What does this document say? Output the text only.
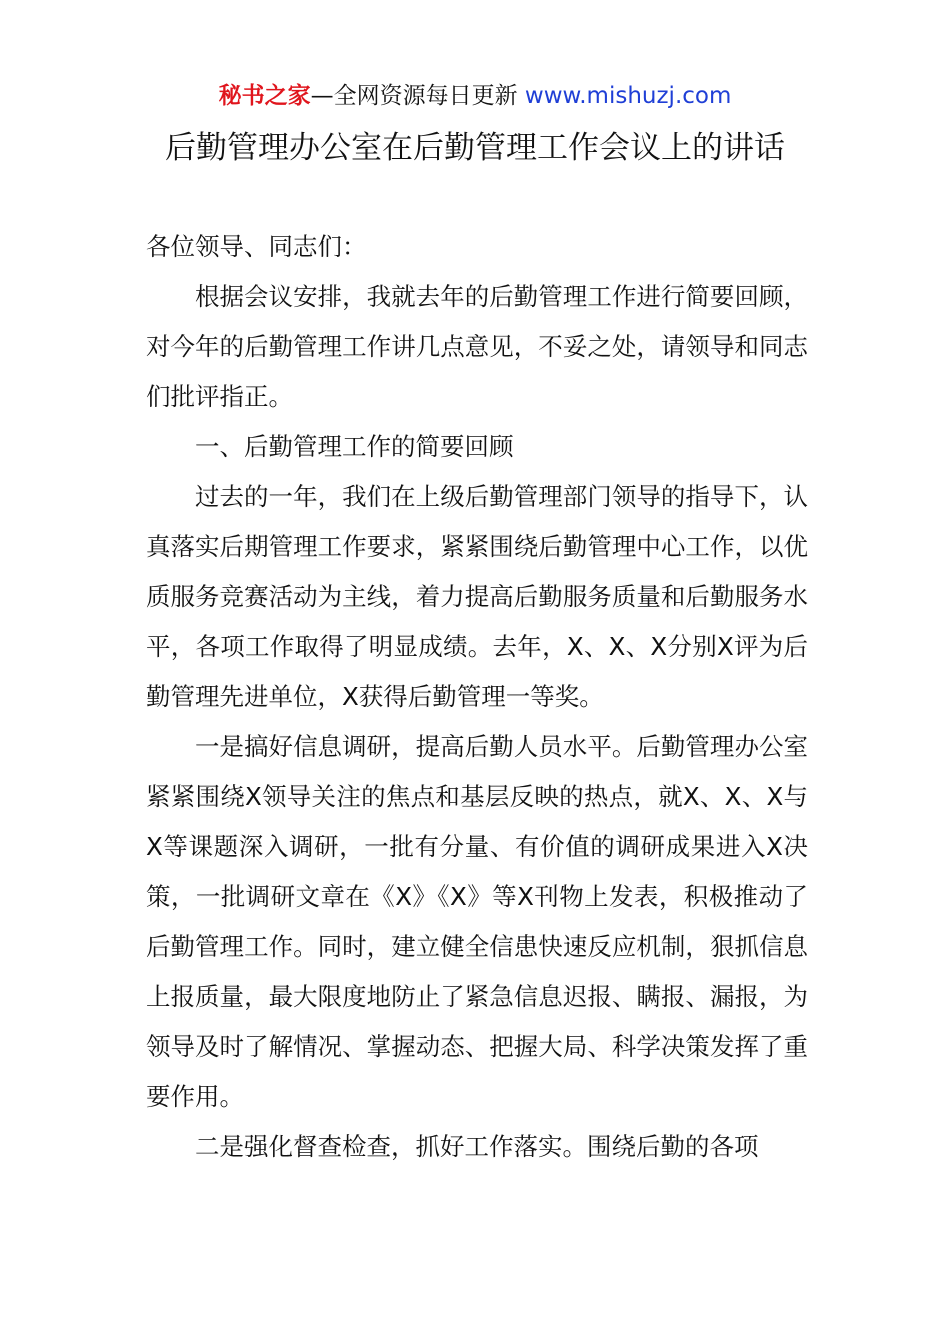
秘书之家—全网资源每日更新 www.mishuzj.com
后勤管理办公室在后勤管理工作会议上的讲话

各位领导、同志们：

根据会议安排，我就去年的后勤管理工作进行简要回顾，对今年的后勤管理工作讲几点意见，不妥之处，请领导和同志们批评指正。

一、后勤管理工作的简要回顾

过去的一年，我们在上级后勤管理部门领导的指导下，认真落实后期管理工作要求，紧紧围绕后勤管理中心工作，以优质服务竞赛活动为主线，着力提高后勤服务质量和后勤服务水平，各项工作取得了明显成绩。去年，X、X、X分别X评为后勤管理先进单位，X获得后勤管理一等奖。

一是搞好信息调研，提高后勤人员水平。后勤管理办公室紧紧围绕X领导关注的焦点和基层反映的热点，就X、X、X与X等课题深入调研，一批有分量、有价值的调研成果进入X决策，一批调研文章在《X》《X》等X刊物上发表，积极推动了后勤管理工作。同时，建立健全信患快速反应机制，狠抓信息上报质量，最大限度地防止了紧急信息迟报、瞒报、漏报，为领导及时了解情况、掌握动态、把握大局、科学决策发挥了重要作用。

二是强化督查检查，抓好工作落实。围绕后勤的各项
